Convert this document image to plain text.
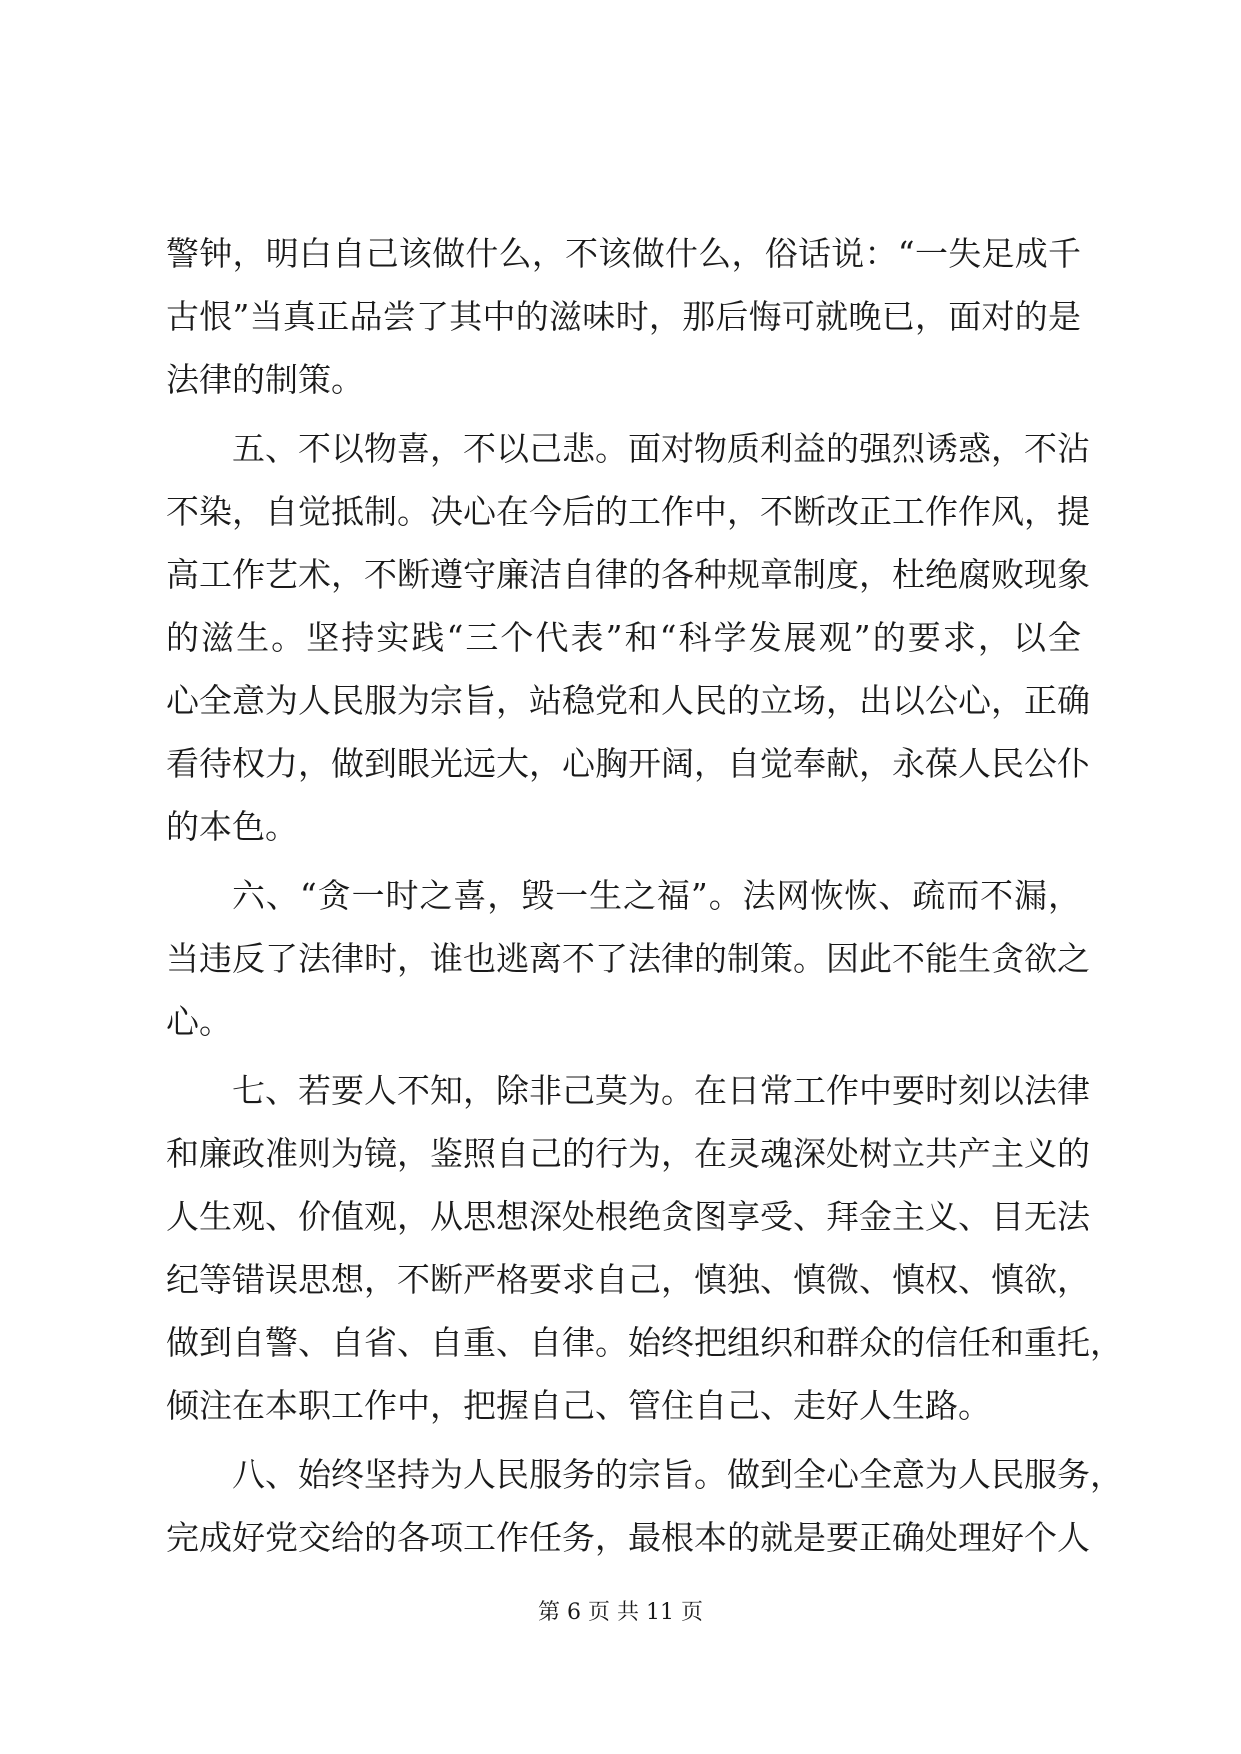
警钟，明白自己该做什么，不该做什么，俗话说：“一失足成千
古恨”当真正品尝了其中的滋味时，那后悔可就晚已，面对的是
法律的制策。
五、不以物喜，不以己悲。面对物质利益的强烈诱惑，不沾
不染，自觉抵制。决心在今后的工作中，不断改正工作作风，提
高工作艺术，不断遵守廉洁自律的各种规章制度，杜绝腐败现象
的滋生。坚持实践“三个代表”和“科学发展观”的要求，以全
心全意为人民服为宗旨，站稳党和人民的立场，出以公心，正确
看待权力，做到眼光远大，心胸开阔，自觉奉献，永葆人民公仆
的本色。
六、“贪一时之喜，毁一生之福”。法网恢恢、疏而不漏，
当违反了法律时，谁也逃离不了法律的制策。因此不能生贪欲之
心。
七、若要人不知，除非己莫为。在日常工作中要时刻以法律
和廉政准则为镜，鉴照自己的行为，在灵魂深处树立共产主义的
人生观、价值观，从思想深处根绝贪图享受、拜金主义、目无法
纪等错误思想，不断严格要求自己，慎独、慎微、慎权、慎欲，
做到自警、自省、自重、自律。始终把组织和群众的信任和重托，
倾注在本职工作中，把握自己、管住自己、走好人生路。
八、始终坚持为人民服务的宗旨。做到全心全意为人民服务，
完成好党交给的各项工作任务，最根本的就是要正确处理好个人
第 6 页 共 11 页
